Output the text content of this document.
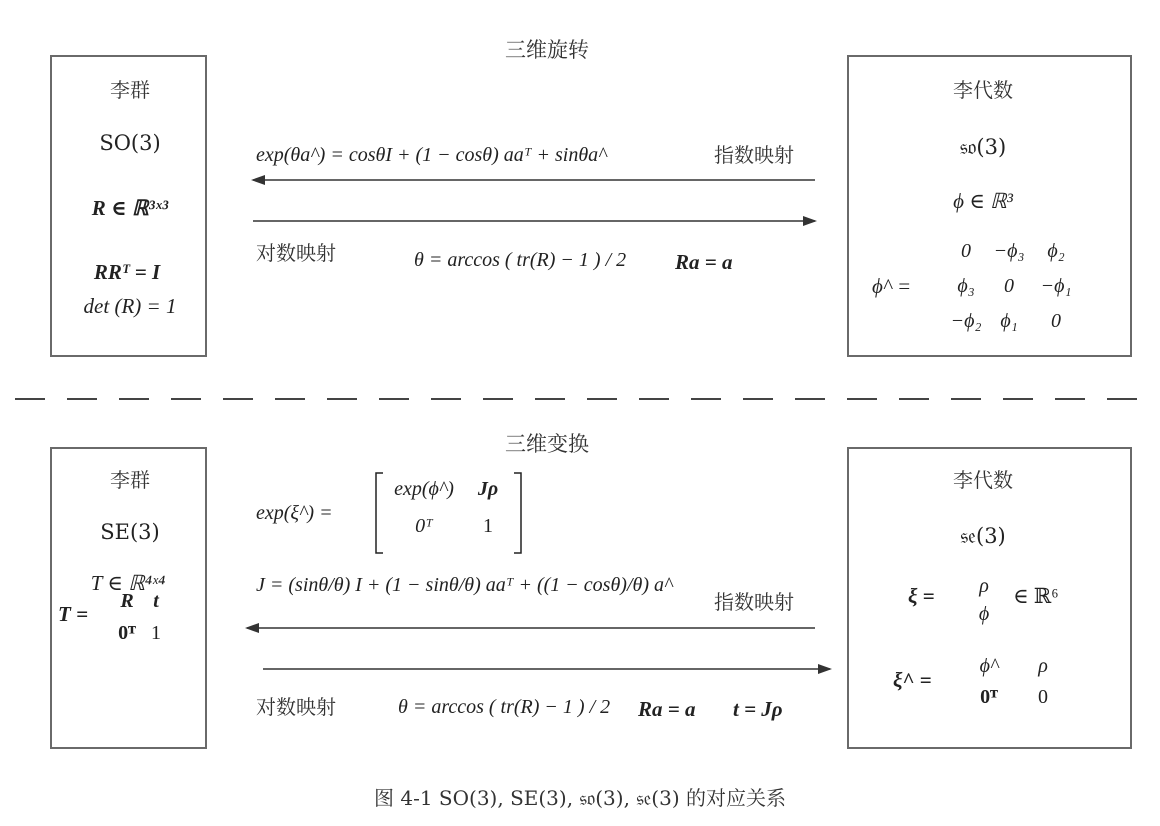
三维旋转
李群
SO(3)
R ∈ ℝ³ˣ³
RRᵀ = I
det (R) = 1
李代数
𝔰𝔬(3)
ϕ ∈ ℝ³
ϕ^ =
0	−ϕ₃	ϕ₂
ϕ₃	0	−ϕ₁
−ϕ₂ ϕ₁	0
exp(θa^) = cosθI + (1 − cosθ) aaᵀ + sinθa^	指数映射
对数映射	θ = arccos ( tr(R) − 1 ) / 2 Ra = a
三维变换
李群
SE(3)
T ∈ ℝ⁴ˣ⁴
T =
R t
0ᵀ 1
李代数
𝔰𝔢(3)
ξ =	ρ
ϕ
∈ ℝ⁶
ξ^ =
ϕ^	ρ
0ᵀ	0
exp(ξ^) =
exp(ϕ^)	Jρ
0ᵀ	1
J = (sinθ/θ) I + (1 − sinθ/θ) aaᵀ + ((1 − cosθ)/θ) a^
指数映射
对数映射	θ = arccos ( tr(R) − 1 ) / 2 Ra = a t = Jρ
图 4-1 SO(3), SE(3), 𝔰𝔬(3), 𝔰𝔢(3) 的对应关系
